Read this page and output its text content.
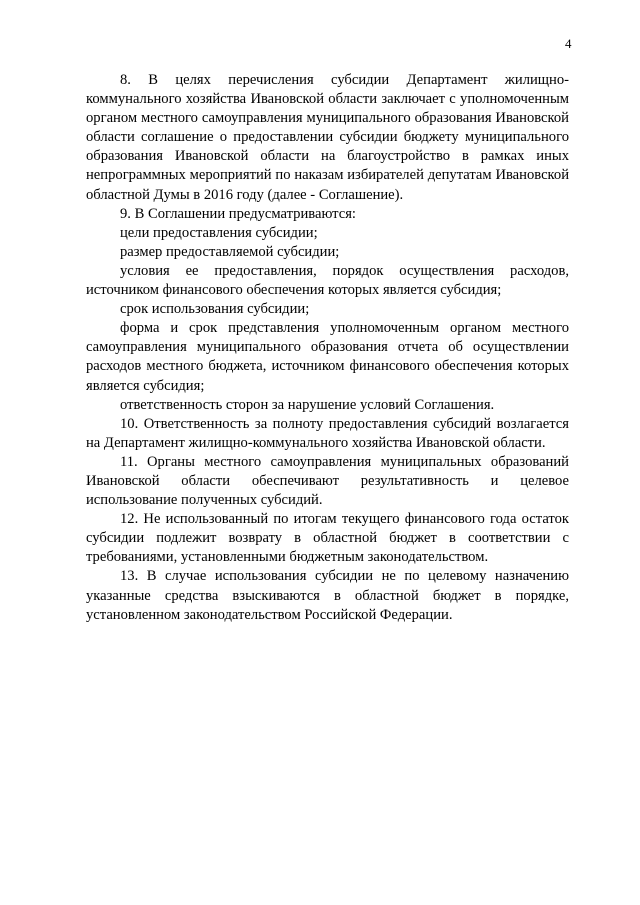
4

8. В целях перечисления субсидии Департамент жилищно-коммунального хозяйства Ивановской области заключает с уполномоченным органом местного самоуправления муниципального образования Ивановской области соглашение о предоставлении субсидии бюджету муниципального образования Ивановской области на благоустройство в рамках иных непрограммных мероприятий по наказам избирателей депутатам Ивановской областной Думы в 2016 году (далее - Соглашение).

9. В Соглашении предусматриваются:

цели предоставления субсидии;

размер предоставляемой субсидии;

условия ее предоставления, порядок осуществления расходов, источником финансового обеспечения которых является субсидия;

срок использования субсидии;

форма и срок представления уполномоченным органом местного самоуправления муниципального образования отчета об осуществлении расходов местного бюджета, источником финансового обеспечения которых является субсидия;

ответственность сторон за нарушение условий Соглашения.

10. Ответственность за полноту предоставления субсидий возлагается на Департамент жилищно-коммунального хозяйства Ивановской области.

11. Органы местного самоуправления муниципальных образований Ивановской области обеспечивают результативность и целевое использование полученных субсидий.

12. Не использованный по итогам текущего финансового года остаток субсидии подлежит возврату в областной бюджет в соответствии с требованиями, установленными бюджетным законодательством.

13. В случае использования субсидии не по целевому назначению указанные средства взыскиваются в областной бюджет в порядке, установленном законодательством Российской Федерации.
